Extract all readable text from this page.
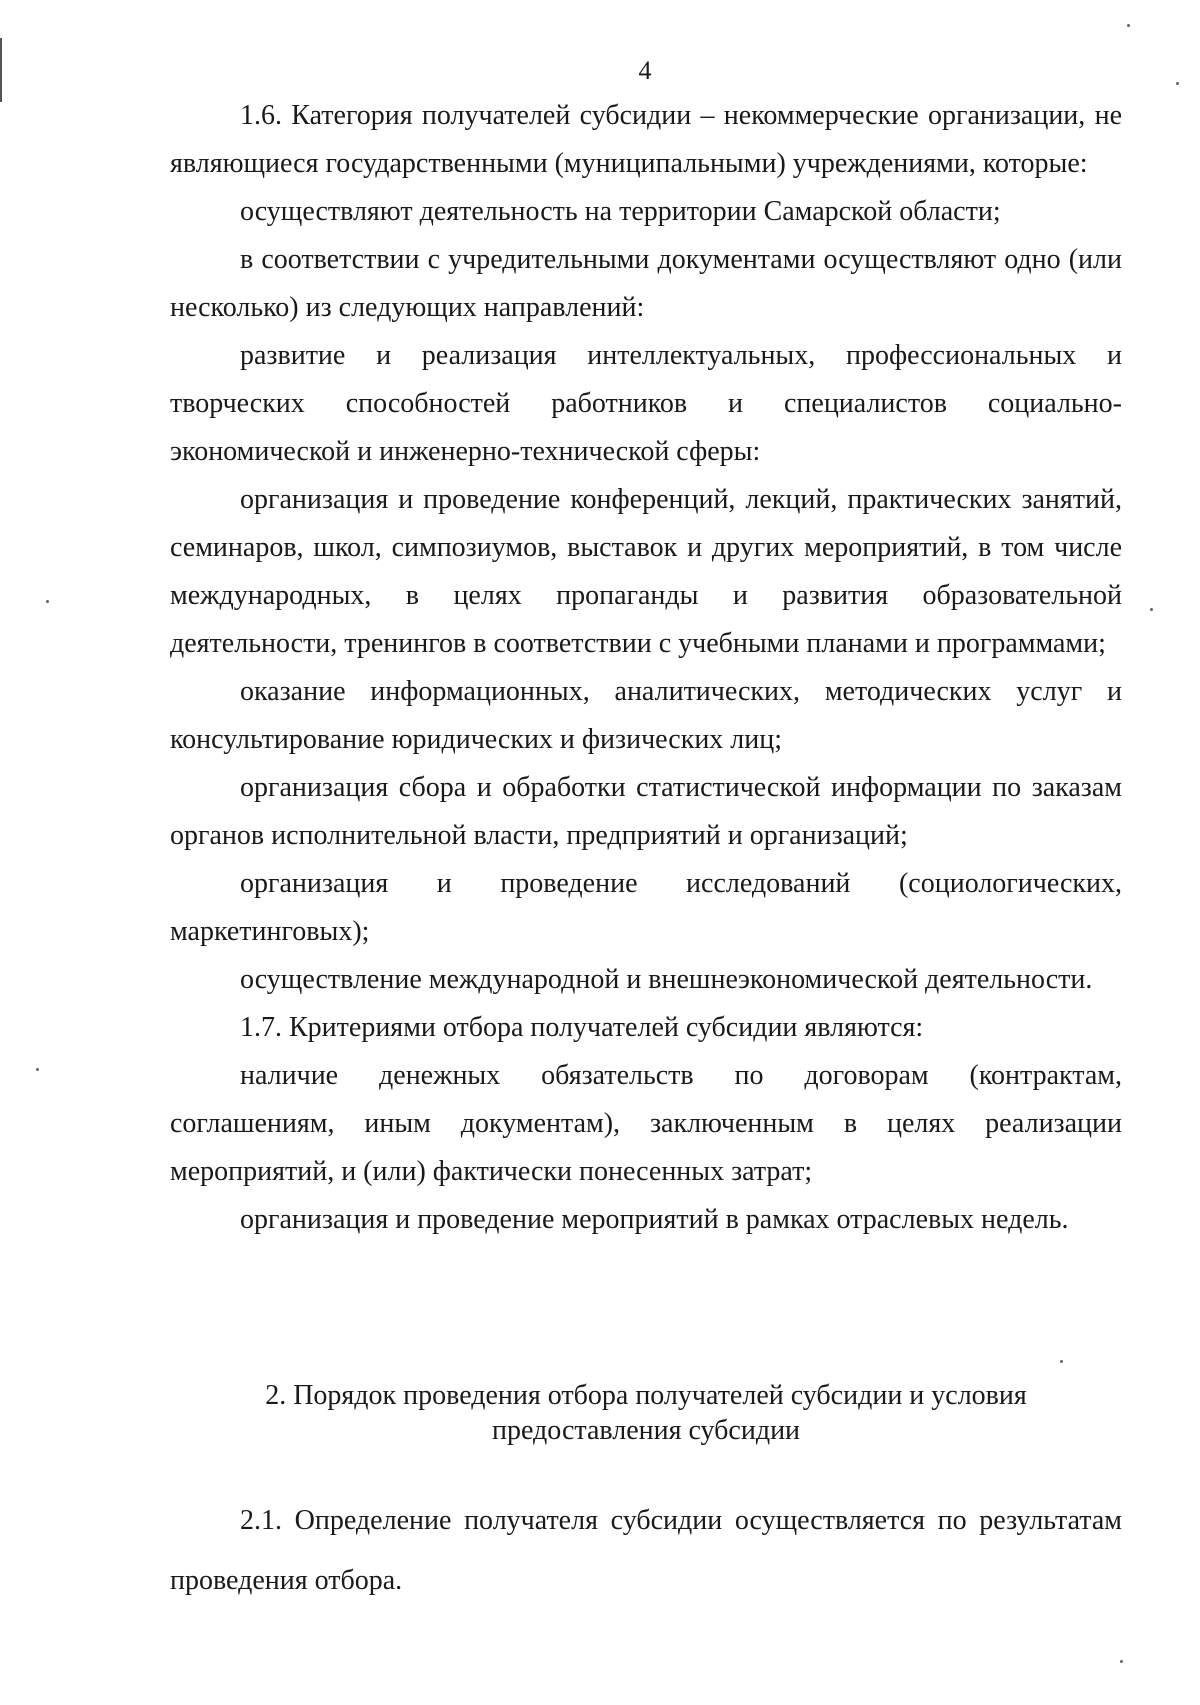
4

1.6. Категория получателей субсидии – некоммерческие организации, не являющиеся государственными (муниципальными) учреждениями, которые:

осуществляют деятельность на территории Самарской области;

в соответствии с учредительными документами осуществляют одно (или несколько) из следующих направлений:

развитие и реализация интеллектуальных, профессиональных и творческих способностей работников и специалистов социально-экономической и инженерно-технической сферы:

организация и проведение конференций, лекций, практических занятий, семинаров, школ, симпозиумов, выставок и других мероприятий, в том числе международных, в целях пропаганды и развития образовательной деятельности, тренингов в соответствии с учебными планами и программами;

оказание информационных, аналитических, методических услуг и консультирование юридических и физических лиц;

организация сбора и обработки статистической информации по заказам органов исполнительной власти, предприятий и организаций;

организация и проведение исследований (социологических, маркетинговых);

осуществление международной и внешнеэкономической деятельности.

1.7. Критериями отбора получателей субсидии являются:

наличие денежных обязательств по договорам (контрактам, соглашениям, иным документам), заключенным в целях реализации мероприятий, и (или) фактически понесенных затрат;

организация и проведение мероприятий в рамках отраслевых недель.

2. Порядок проведения отбора получателей субсидии и условия
предоставления субсидии

2.1. Определение получателя субсидии осуществляется по результатам проведения отбора.
